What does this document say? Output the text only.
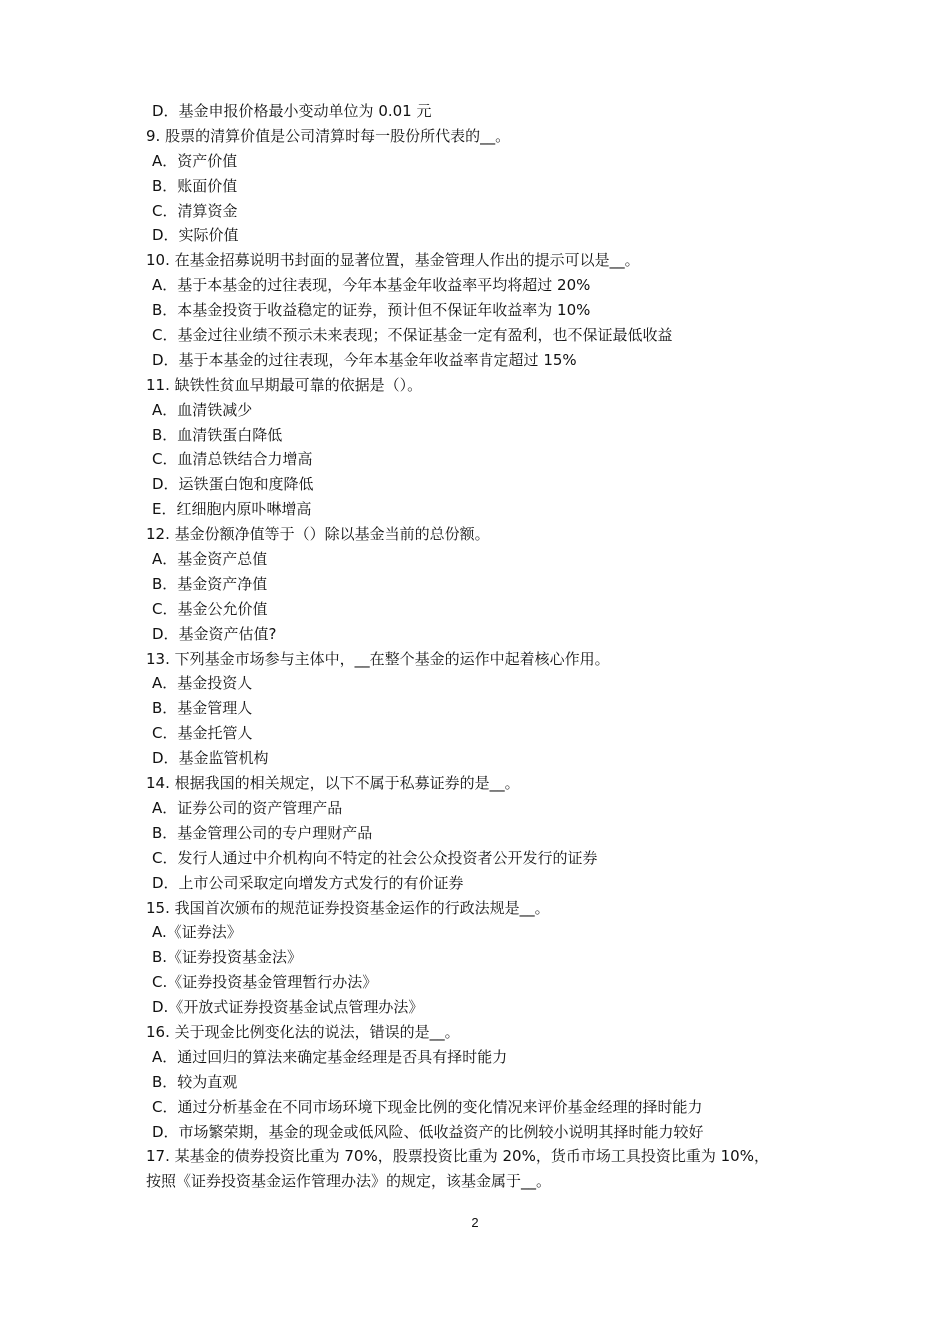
D．基金申报价格最小变动单位为 0.01 元
9. 股票的清算价值是公司清算时每一股份所代表的__。
A．资产价值
B．账面价值
C．清算资金
D．实际价值
10. 在基金招募说明书封面的显著位置，基金管理人作出的提示可以是__。
A．基于本基金的过往表现，今年本基金年收益率平均将超过 20%
B．本基金投资于收益稳定的证券，预计但不保证年收益率为 10%
C．基金过往业绩不预示未来表现；不保证基金一定有盈利，也不保证最低收益
D．基于本基金的过往表现，今年本基金年收益率肯定超过 15%
11. 缺铁性贫血早期最可靠的依据是（）。
A．血清铁减少
B．血清铁蛋白降低
C．血清总铁结合力增高
D．运铁蛋白饱和度降低
E．红细胞内原卟啉增高
12. 基金份额净值等于（）除以基金当前的总份额。
A．基金资产总值
B．基金资产净值
C．基金公允价值
D．基金资产估值?
13. 下列基金市场参与主体中，__在整个基金的运作中起着核心作用。
A．基金投资人
B．基金管理人
C．基金托管人
D．基金监管机构
14. 根据我国的相关规定，以下不属于私募证券的是__。
A．证券公司的资产管理产品
B．基金管理公司的专户理财产品
C．发行人通过中介机构向不特定的社会公众投资者公开发行的证券
D．上市公司采取定向增发方式发行的有价证券
15. 我国首次颁布的规范证券投资基金运作的行政法规是__。
A.《证券法》
B.《证券投资基金法》
C.《证券投资基金管理暂行办法》
D.《开放式证券投资基金试点管理办法》
16. 关于现金比例变化法的说法，错误的是__。
A．通过回归的算法来确定基金经理是否具有择时能力
B．较为直观
C．通过分析基金在不同市场环境下现金比例的变化情况来评价基金经理的择时能力
D．市场繁荣期，基金的现金或低风险、低收益资产的比例较小说明其择时能力较好
17. 某基金的债券投资比重为 70%，股票投资比重为 20%，货币市场工具投资比重为 10%，
按照《证券投资基金运作管理办法》的规定，该基金属于__。
2
